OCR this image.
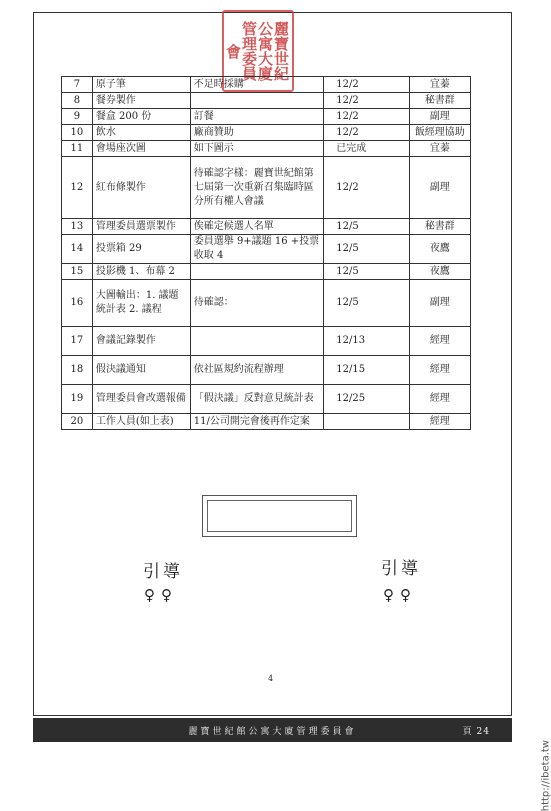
麗寶世紀公寓大廈管理委員會
7	原子筆	不足時採購	12/2	宜蓁
8	餐券製作		12/2	秘書群
9	餐盒 200 份	訂餐	12/2	副理
10	飲水	廠商贊助	12/2	飯經理協助
11	會場座次圖	如下圖示	已完成	宜蓁
12	紅布條製作	待確認字樣：麗寶世紀館第七屆第一次重新召集臨時區分所有權人會議	12/2	副理
13	管理委員選票製作	俟確定候選人名單	12/5	秘書群
14	投票箱 29	委員選舉 9+議題 16 +投票收取 4	12/5	夜鷹
15	投影機 1、布幕 2		12/5	夜鷹
16	大圖輸出：1. 議題統計表 2. 議程	待確認：	12/5	副理
17	會議記錄製作		12/13	經理
18	假決議通知	依社區規約流程辦理	12/15	經理
19	管理委員會改選報備	「假決議」反對意見統計表	12/25	經理
20	工作人員(如上表)	11/公司開完會後再作定案		經理
引導
♀♀
引導
♀♀
4
麗寶世紀館公寓大廈管理委員會	頁 24
http://ibeta.tw
